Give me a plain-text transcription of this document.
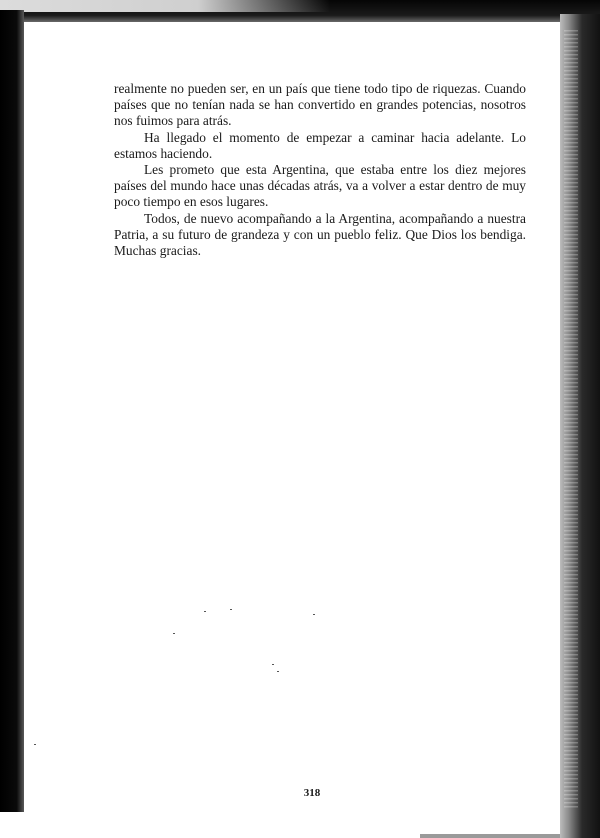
realmente no pueden ser, en un país que tiene todo tipo de riquezas. Cuando países que no tenían nada se han convertido en grandes potencias, nosotros nos fuimos para atrás.

Ha llegado el momento de empezar a caminar hacia adelante. Lo estamos haciendo.

Les prometo que esta Argentina, que estaba entre los diez mejores países del mundo hace unas décadas atrás, va a volver a estar dentro de muy poco tiempo en esos lugares.

Todos, de nuevo acompañando a la Argentina, acompañando a nuestra Patria, a su futuro de grandeza y con un pueblo feliz. Que Dios los bendiga. Muchas gracias.

318
